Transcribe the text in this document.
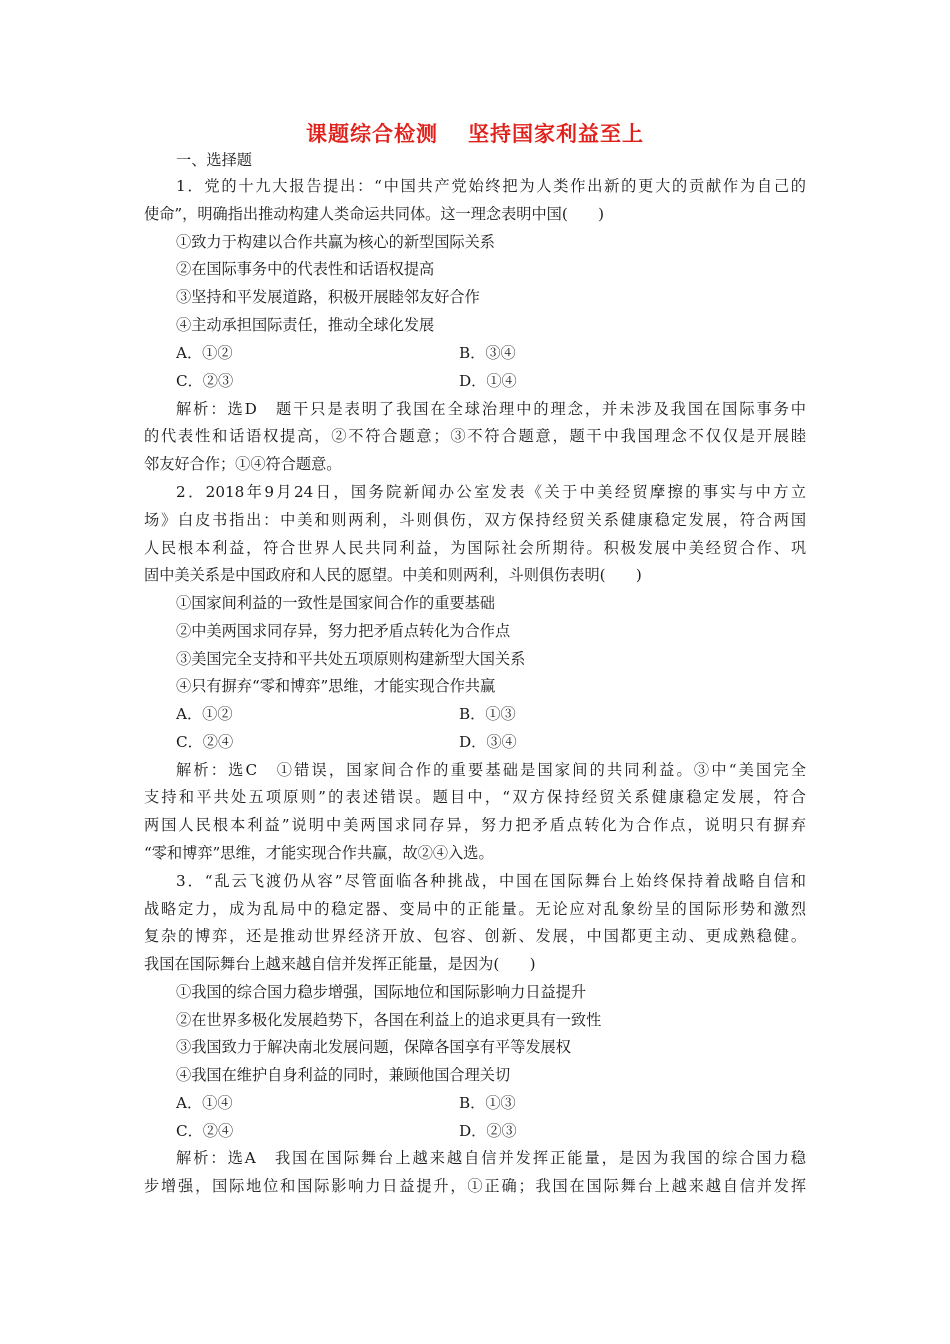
课题综合检测 坚持国家利益至上
一、选择题
1．党的十九大报告提出：“中国共产党始终把为人类作出新的更大的贡献作为自己的
使命”，明确指出推动构建人类命运共同体。这一理念表明中国(　　)
①致力于构建以合作共赢为核心的新型国际关系
②在国际事务中的代表性和话语权提高
③坚持和平发展道路，积极开展睦邻友好合作
④主动承担国际责任，推动全球化发展
A．①②	B．③④
C．②③	D．①④
解析：选D　题干只是表明了我国在全球治理中的理念，并未涉及我国在国际事务中
的代表性和话语权提高，②不符合题意；③不符合题意，题干中我国理念不仅仅是开展睦
邻友好合作；①④符合题意。
2．2018年9月24日，国务院新闻办公室发表《关于中美经贸摩擦的事实与中方立
场》白皮书指出：中美和则两利，斗则俱伤，双方保持经贸关系健康稳定发展，符合两国
人民根本利益，符合世界人民共同利益，为国际社会所期待。积极发展中美经贸合作、巩
固中美关系是中国政府和人民的愿望。中美和则两利，斗则俱伤表明(　　)
①国家间利益的一致性是国家间合作的重要基础
②中美两国求同存异，努力把矛盾点转化为合作点
③美国完全支持和平共处五项原则构建新型大国关系
④只有摒弃“零和博弈”思维，才能实现合作共赢
A．①②	B．①③
C．②④	D．③④
解析：选C　①错误，国家间合作的重要基础是国家间的共同利益。③中“美国完全
支持和平共处五项原则”的表述错误。题目中，“双方保持经贸关系健康稳定发展，符合
两国人民根本利益”说明中美两国求同存异，努力把矛盾点转化为合作点，说明只有摒弃
“零和博弈”思维，才能实现合作共赢，故②④入选。
3．“乱云飞渡仍从容”尽管面临各种挑战，中国在国际舞台上始终保持着战略自信和
战略定力，成为乱局中的稳定器、变局中的正能量。无论应对乱象纷呈的国际形势和激烈
复杂的博弈，还是推动世界经济开放、包容、创新、发展，中国都更主动、更成熟稳健。
我国在国际舞台上越来越自信并发挥正能量，是因为(　　)
①我国的综合国力稳步增强，国际地位和国际影响力日益提升
②在世界多极化发展趋势下，各国在利益上的追求更具有一致性
③我国致力于解决南北发展问题，保障各国享有平等发展权
④我国在维护自身利益的同时，兼顾他国合理关切
A．①④	B．①③
C．②④	D．②③
解析：选A　我国在国际舞台上越来越自信并发挥正能量，是因为我国的综合国力稳
步增强，国际地位和国际影响力日益提升，①正确；我国在国际舞台上越来越自信并发挥
